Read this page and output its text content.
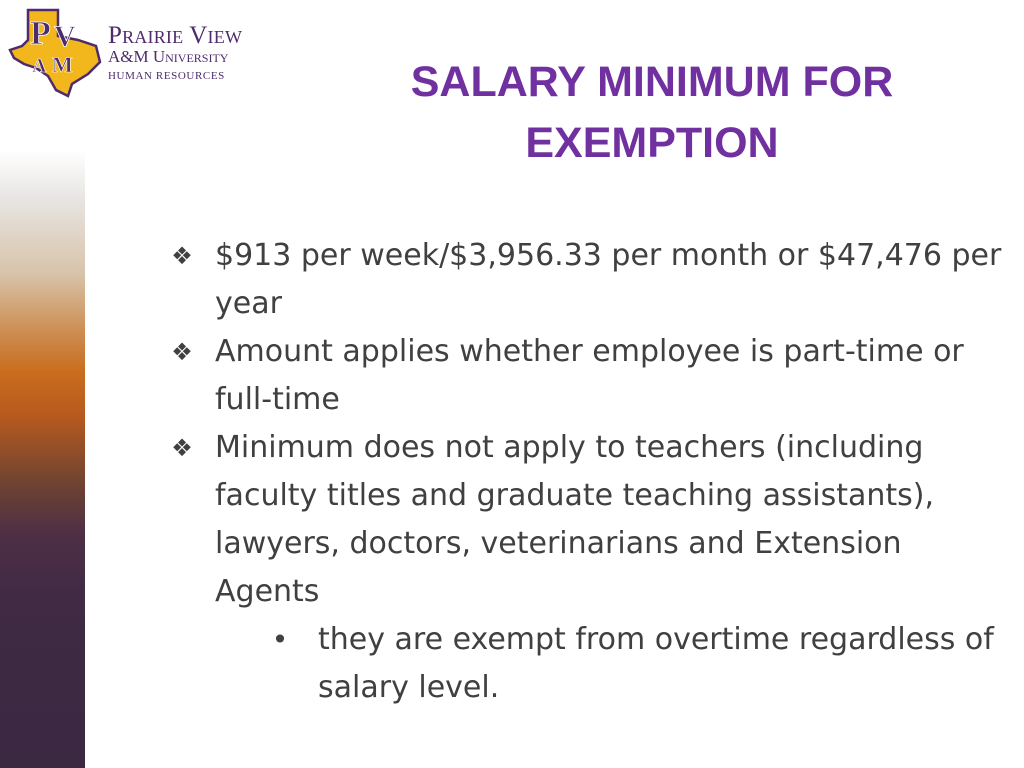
P V
A M
Prairie View
A&M University
HUMAN RESOURCES	SALARY MINIMUM FOR
EXEMPTION
❖ $913 per week/$3,956.33 per month or $47,476 per year
❖ Amount applies whether employee is part-time or full-time
❖ Minimum does not apply to teachers (including faculty titles and graduate teaching assistants), lawyers, doctors, veterinarians and Extension Agents
• they are exempt from overtime regardless of salary level.
